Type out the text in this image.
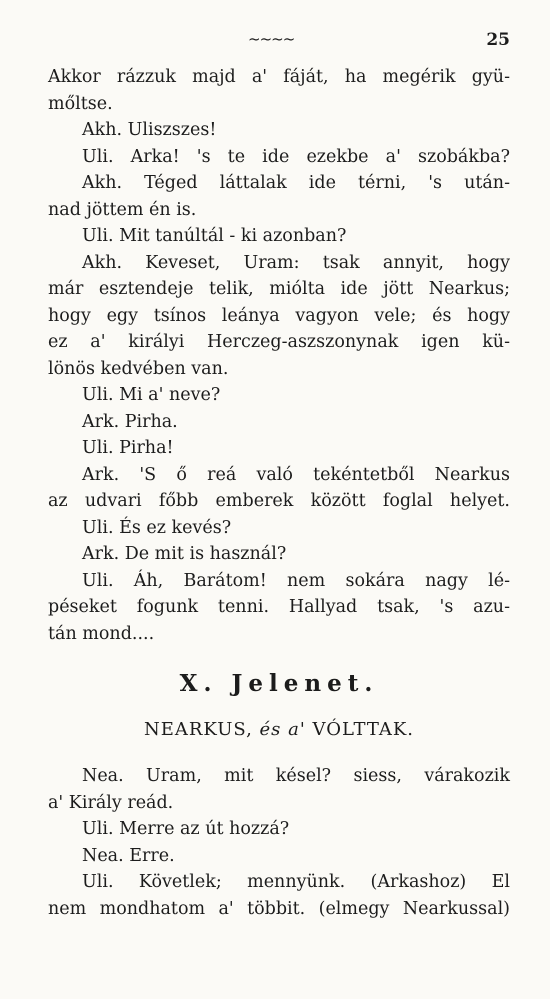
~~~~	25
Akkor rázzuk majd a' fáját, ha megérik gyü-
mőltse.
Akh. Uliszszes!
Uli. Arka! 's te ide ezekbe a' szobákba?
Akh. Téged láttalak ide térni, 's után-
nad jöttem én is.
Uli. Mit tanúltál - ki azonban?
Akh. Keveset, Uram: tsak annyit, hogy
már esztendeje telik, miólta ide jött Nearkus;
hogy egy tsínos leánya vagyon vele; és hogy
ez a' királyi Herczeg-aszszonynak igen kü-
lönös kedvében van.
Uli. Mi a' neve?
Ark. Pirha.
Uli. Pirha!
Ark. 'S ő reá való tekéntetből Nearkus
az udvari főbb emberek között foglal helyet.
Uli. És ez kevés?
Ark. De mit is használ?
Uli. Áh, Barátom! nem sokára nagy lé-
péseket fogunk tenni. Hallyad tsak, 's azu-
tán mond....
X. Jelenet.
NEARKUS, és a' VÓLTTAK.
Nea. Uram, mit késel? siess, várakozik
a' Király reád.
Uli. Merre az út hozzá?
Nea. Erre.
Uli. Követlek; mennyünk. (Arkashoz) El
nem mondhatom a' többit. (elmegy Nearkussal)
